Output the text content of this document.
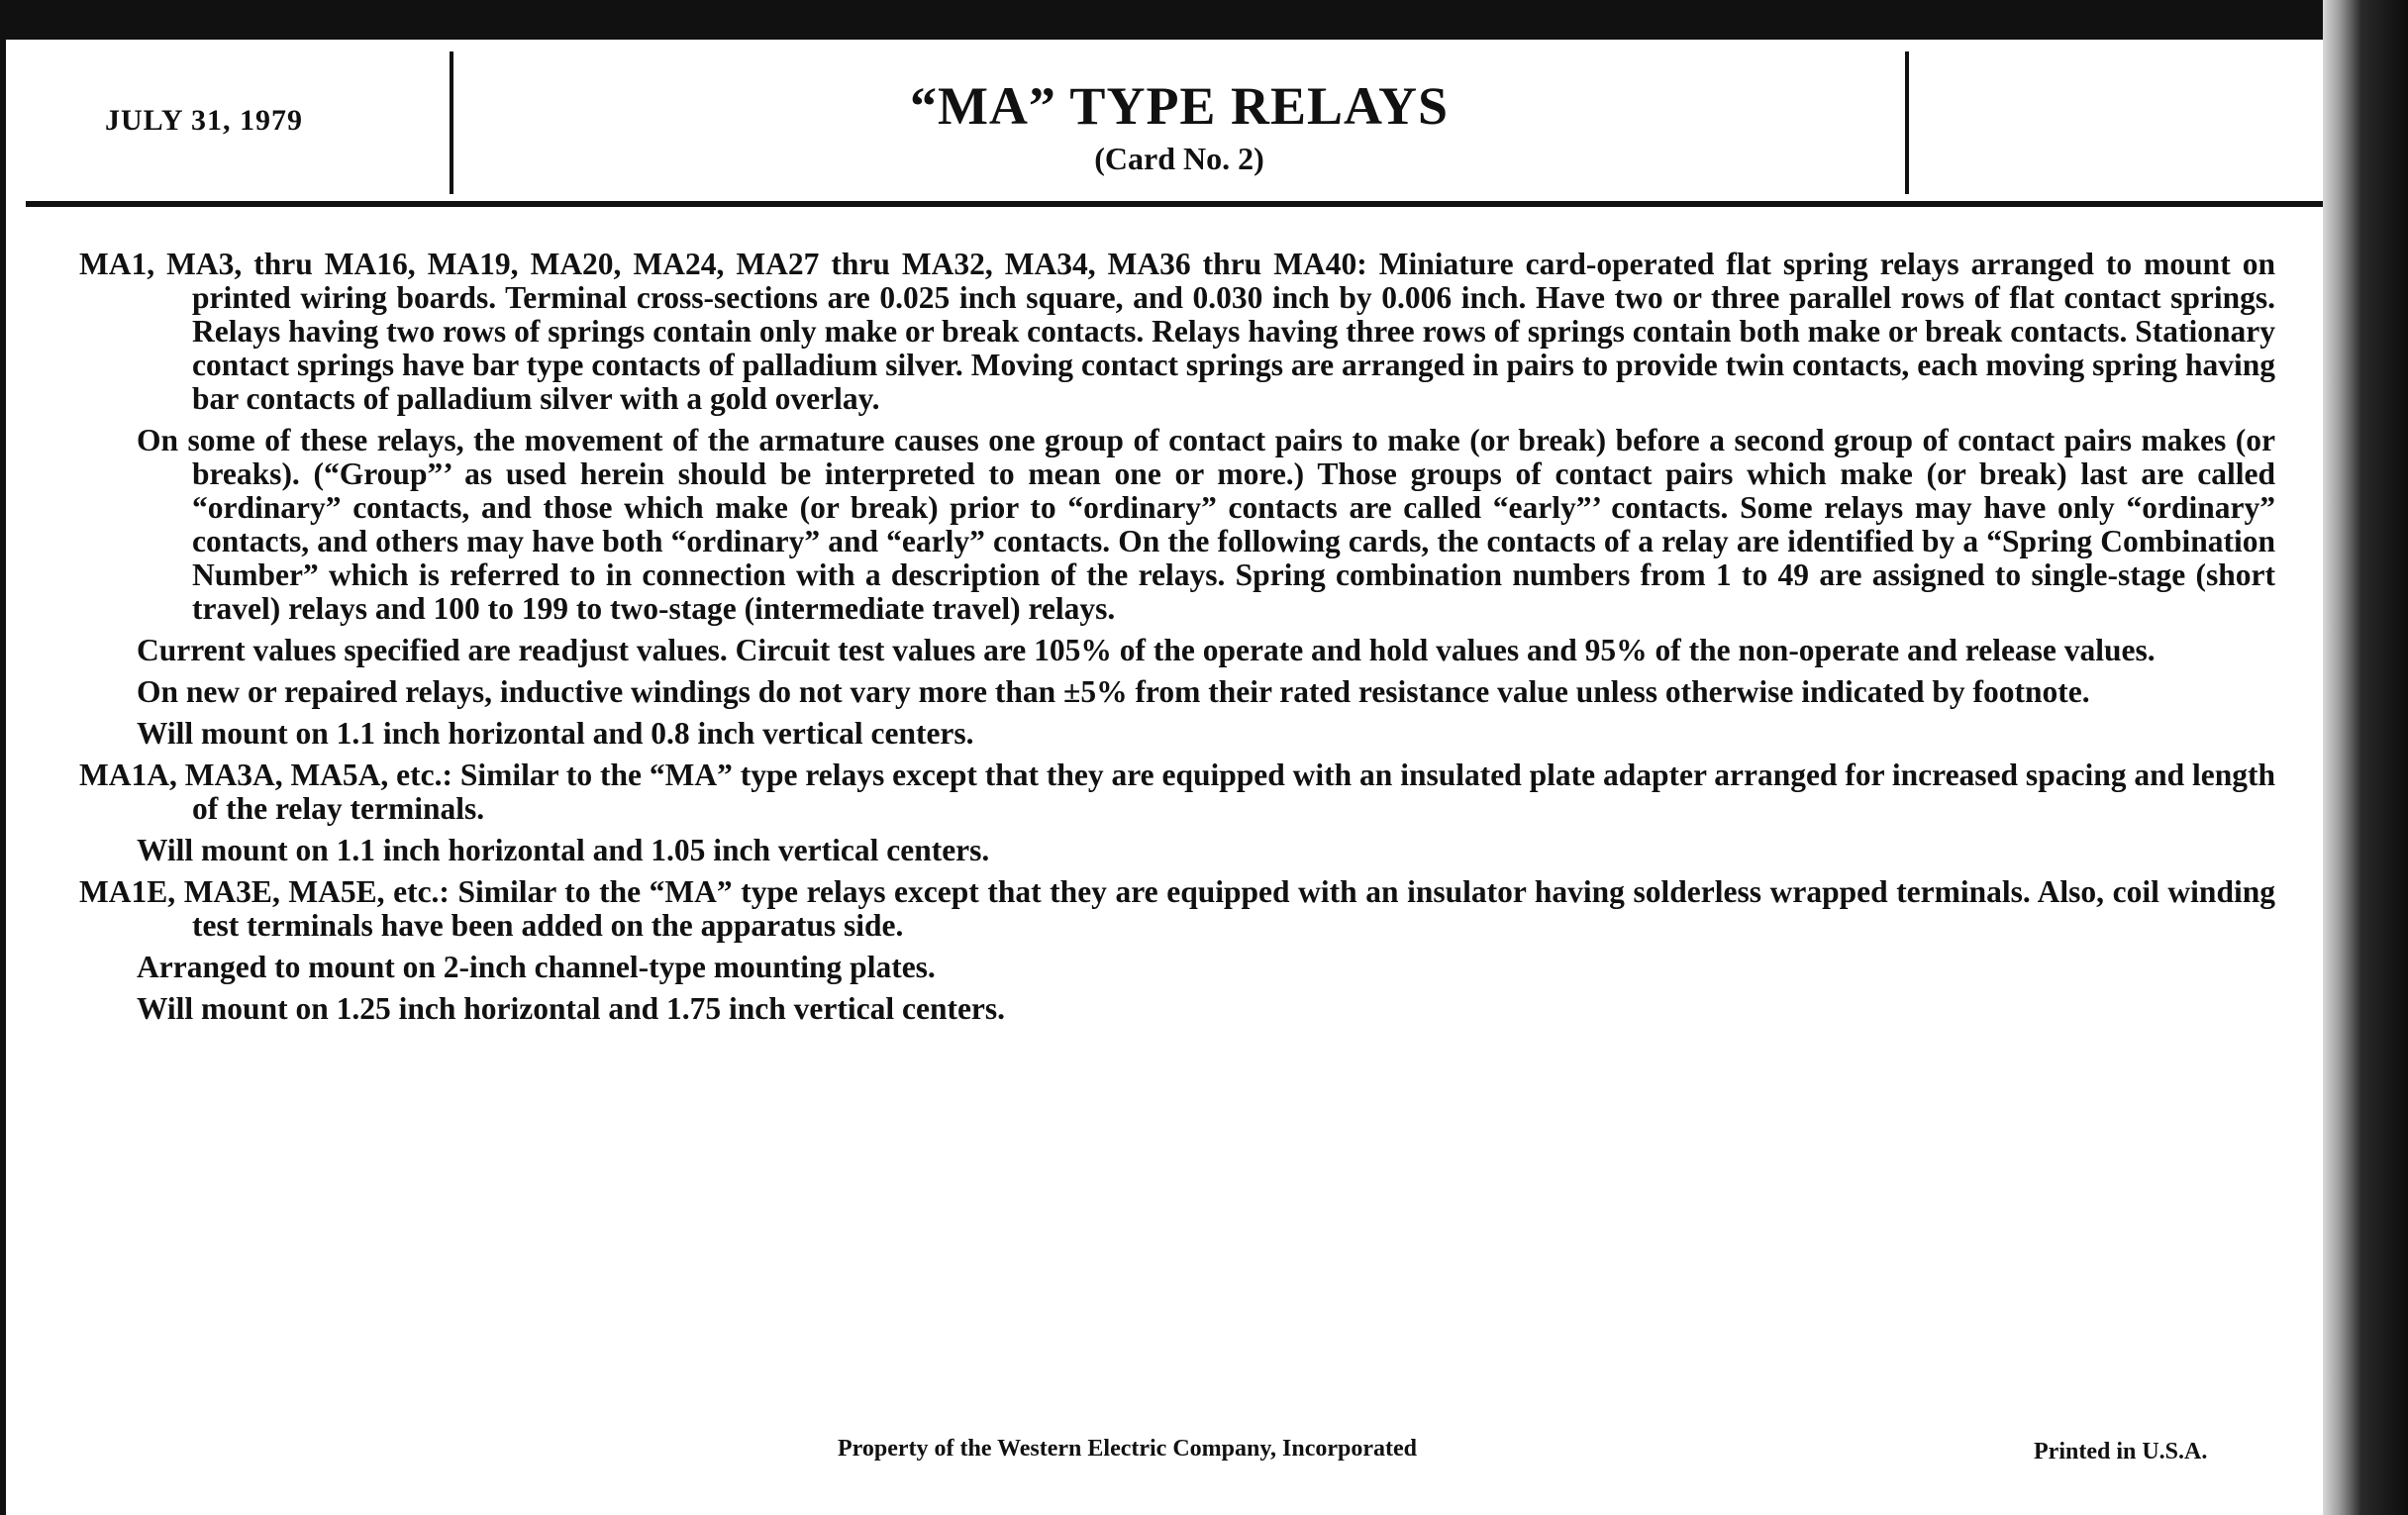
JULY 31, 1979	“MA” TYPE RELAYS
(Card No. 2)

MA1, MA3, thru MA16, MA19, MA20, MA24, MA27 thru MA32, MA34, MA36 thru MA40: Miniature card-operated flat spring relays arranged to mount on printed wiring boards. Terminal cross-sections are 0.025 inch square, and 0.030 inch by 0.006 inch. Have two or three parallel rows of flat contact springs. Relays having two rows of springs contain only make or break contacts. Relays having three rows of springs contain both make or break contacts. Stationary contact springs have bar type contacts of palladium silver. Moving contact springs are arranged in pairs to provide twin contacts, each moving spring having bar contacts of palladium silver with a gold overlay.

On some of these relays, the movement of the armature causes one group of contact pairs to make (or break) before a second group of contact pairs makes (or breaks). (“Group”’ as used herein should be interpreted to mean one or more.) Those groups of contact pairs which make (or break) last are called “ordinary” contacts, and those which make (or break) prior to “ordinary” contacts are called “early”’ contacts. Some relays may have only “ordinary” contacts, and others may have both “ordinary” and “early” contacts. On the following cards, the contacts of a relay are identified by a “Spring Combination Number” which is referred to in connection with a description of the relays. Spring combination numbers from 1 to 49 are assigned to single-stage (short travel) relays and 100 to 199 to two-stage (intermediate travel) relays.

Current values specified are readjust values. Circuit test values are 105% of the operate and hold values and 95% of the non-operate and release values.

On new or repaired relays, inductive windings do not vary more than ±5% from their rated resistance value unless otherwise indicated by footnote.

Will mount on 1.1 inch horizontal and 0.8 inch vertical centers.

MA1A, MA3A, MA5A, etc.: Similar to the “MA” type relays except that they are equipped with an insulated plate adapter arranged for increased spacing and length of the relay terminals.

Will mount on 1.1 inch horizontal and 1.05 inch vertical centers.

MA1E, MA3E, MA5E, etc.: Similar to the “MA” type relays except that they are equipped with an insulator having solderless wrapped terminals. Also, coil winding test terminals have been added on the apparatus side.

Arranged to mount on 2-inch channel-type mounting plates.

Will mount on 1.25 inch horizontal and 1.75 inch vertical centers.

Property of the Western Electric Company, Incorporated	Printed in U.S.A.
